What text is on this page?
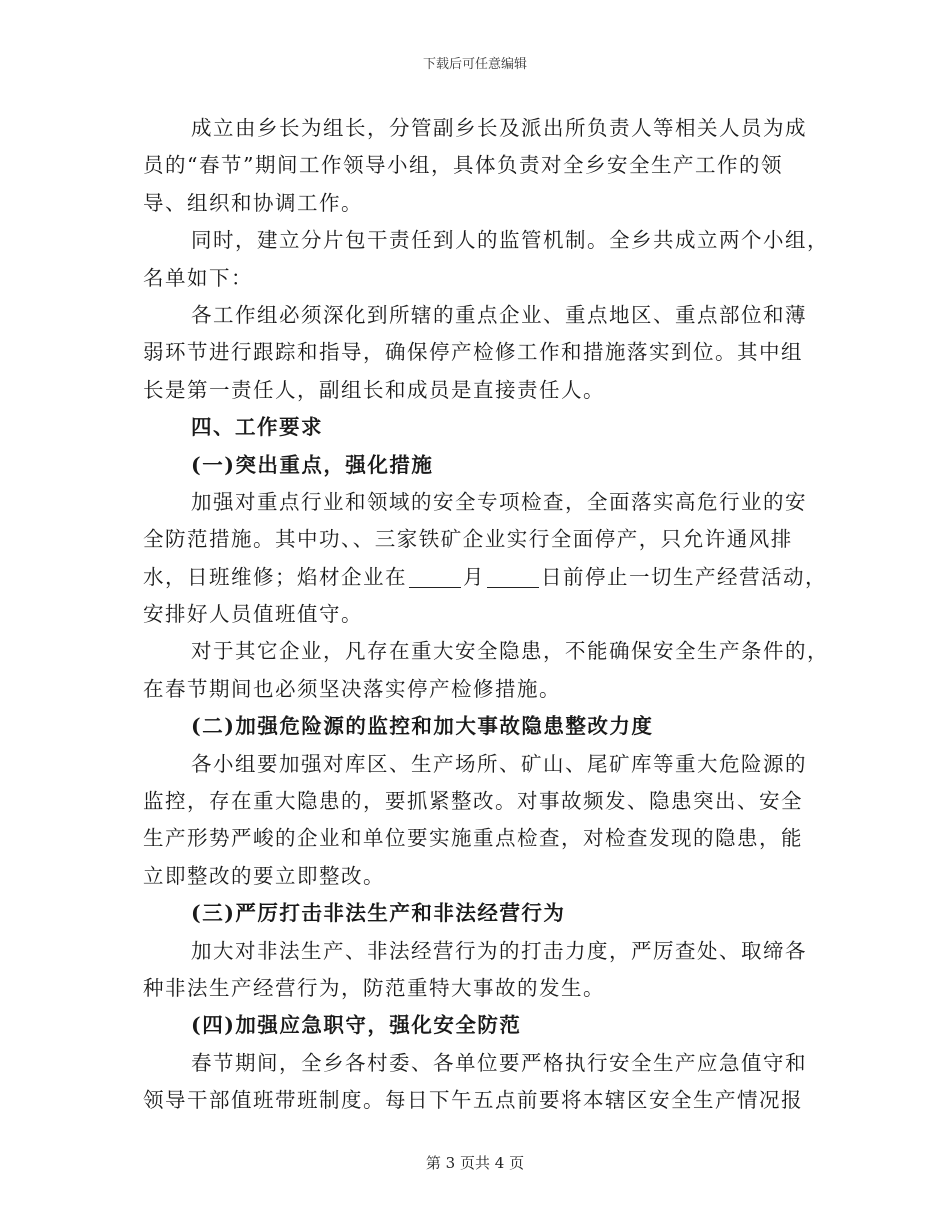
下载后可任意编辑
成立由乡长为组长，分管副乡长及派出所负责人等相关人员为成
员的“春节”期间工作领导小组，具体负责对全乡安全生产工作的领
导、组织和协调工作。
同时，建立分片包干责任到人的监管机制。全乡共成立两个小组，
名单如下：
各工作组必须深化到所辖的重点企业、重点地区、重点部位和薄
弱环节进行跟踪和指导，确保停产检修工作和措施落实到位。其中组
长是第一责任人，副组长和成员是直接责任人。
四、工作要求
(一)突出重点，强化措施
加强对重点行业和领域的安全专项检查，全面落实高危行业的安
全防范措施。其中功、、三家铁矿企业实行全面停产，只允许通风排
水，日班维修；焰材企业在	月	日前停止一切生产经营活动，
安排好人员值班值守。
对于其它企业，凡存在重大安全隐患，不能确保安全生产条件的，
在春节期间也必须坚决落实停产检修措施。
(二)加强危险源的监控和加大事故隐患整改力度
各小组要加强对库区、生产场所、矿山、尾矿库等重大危险源的
监控，存在重大隐患的，要抓紧整改。对事故频发、隐患突出、安全
生产形势严峻的企业和单位要实施重点检查，对检查发现的隐患，能
立即整改的要立即整改。
(三)严厉打击非法生产和非法经营行为
加大对非法生产、非法经营行为的打击力度，严厉查处、取缔各
种非法生产经营行为，防范重特大事故的发生。
(四)加强应急职守，强化安全防范
春节期间，全乡各村委、各单位要严格执行安全生产应急值守和
领导干部值班带班制度。每日下午五点前要将本辖区安全生产情况报
第 3 页共 4 页
